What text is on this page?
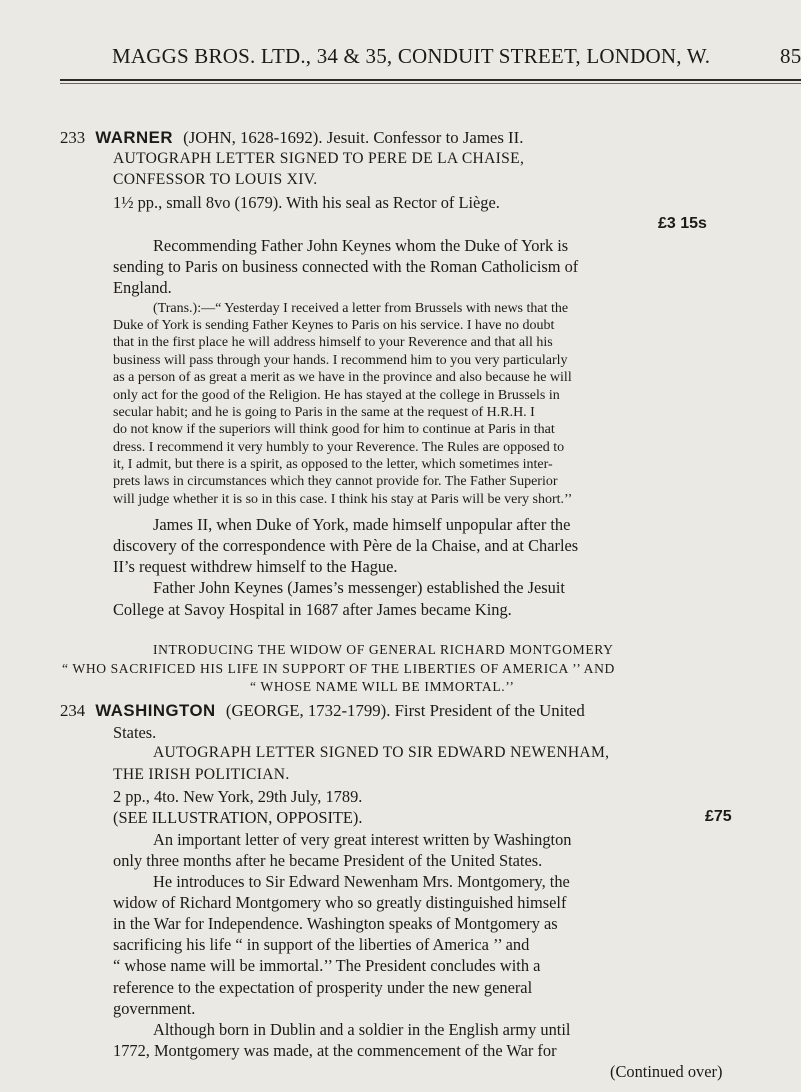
MAGGS BROS. LTD., 34 & 35, CONDUIT STREET, LONDON, W.	85
233 WARNER (JOHN, 1628-1692). Jesuit. Confessor to James II.
AUTOGRAPH LETTER SIGNED TO PERE DE LA CHAISE,
CONFESSOR TO LOUIS XIV.
1½ pp., small 8vo (1679). With his seal as Rector of Liège.
£3 15s
Recommending Father John Keynes whom the Duke of York is
sending to Paris on business connected with the Roman Catholicism of
England.
(Trans.):—“ Yesterday I received a letter from Brussels with news that the
Duke of York is sending Father Keynes to Paris on his service. I have no doubt
that in the first place he will address himself to your Reverence and that all his
business will pass through your hands. I recommend him to you very particularly
as a person of as great a merit as we have in the province and also because he will
only act for the good of the Religion. He has stayed at the college in Brussels in
secular habit; and he is going to Paris in the same at the request of H.R.H. I
do not know if the superiors will think good for him to continue at Paris in that
dress. I recommend it very humbly to your Reverence. The Rules are opposed to
it, I admit, but there is a spirit, as opposed to the letter, which sometimes inter-
prets laws in circumstances which they cannot provide for. The Father Superior
will judge whether it is so in this case. I think his stay at Paris will be very short.’’
James II, when Duke of York, made himself unpopular after the
discovery of the correspondence with Père de la Chaise, and at Charles
II’s request withdrew himself to the Hague.
Father John Keynes (James’s messenger) established the Jesuit
College at Savoy Hospital in 1687 after James became King.
INTRODUCING THE WIDOW OF GENERAL RICHARD MONTGOMERY
“ WHO SACRIFICED HIS LIFE IN SUPPORT OF THE LIBERTIES OF AMERICA ’’ AND
“ WHOSE NAME WILL BE IMMORTAL.’’
234 WASHINGTON (GEORGE, 1732-1799). First President of the United
States.
AUTOGRAPH LETTER SIGNED TO SIR EDWARD NEWENHAM,
THE IRISH POLITICIAN.
2 pp., 4to. New York, 29th July, 1789.
(SEE ILLUSTRATION, OPPOSITE).	£75
An important letter of very great interest written by Washington
only three months after he became President of the United States.
He introduces to Sir Edward Newenham Mrs. Montgomery, the
widow of Richard Montgomery who so greatly distinguished himself
in the War for Independence. Washington speaks of Montgomery as
sacrificing his life “ in support of the liberties of America ’’ and
“ whose name will be immortal.’’ The President concludes with a
reference to the expectation of prosperity under the new general
government.
Although born in Dublin and a soldier in the English army until
1772, Montgomery was made, at the commencement of the War for
(Continued over)
